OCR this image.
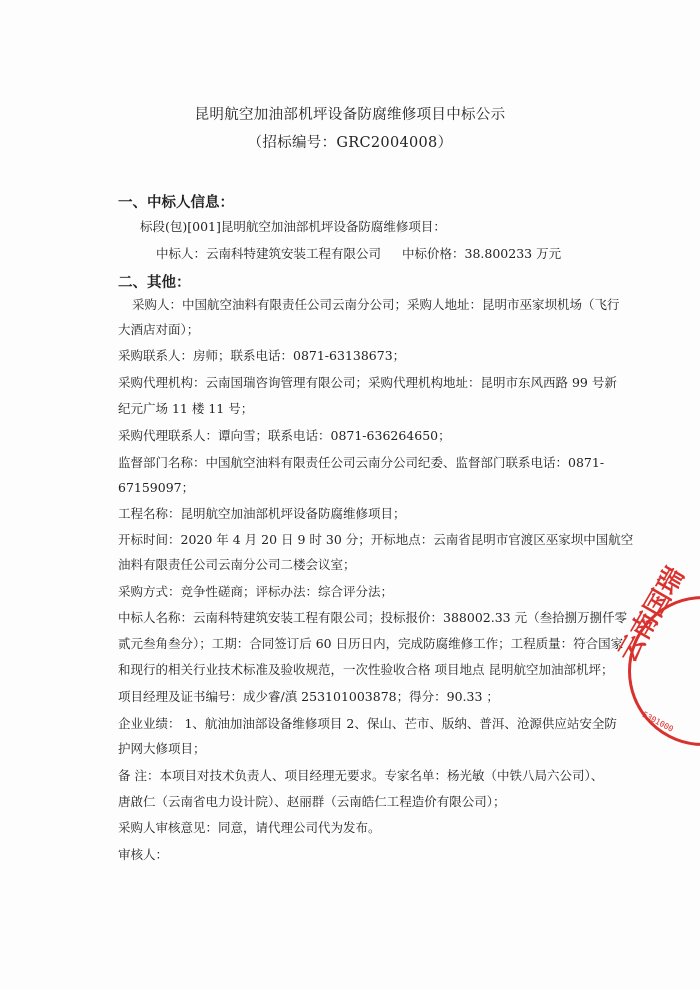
昆明航空加油部机坪设备防腐维修项目中标公示
（招标编号：GRC2004008）
一、中标人信息：
标段(包)[001]昆明航空加油部机坪设备防腐维修项目：
中标人：云南科特建筑安装工程有限公司 中标价格：38.800233 万元
二、其他：
采购人：中国航空油料有限责任公司云南分公司；采购人地址：昆明市巫家坝机场（飞行
大酒店对面）；
采购联系人：房师；联系电话：0871-63138673；
采购代理机构：云南国瑞咨询管理有限公司；采购代理机构地址：昆明市东风西路 99 号新
纪元广场 11 楼 11 号；
采购代理联系人：谭向雪；联系电话：0871-636264650；
监督部门名称：中国航空油料有限责任公司云南分公司纪委、监督部门联系电话：0871-
67159097；
工程名称：昆明航空加油部机坪设备防腐维修项目；
开标时间：2020 年 4 月 20 日 9 时 30 分；开标地点：云南省昆明市官渡区巫家坝中国航空
油料有限责任公司云南分公司二楼会议室；
采购方式：竞争性磋商；评标办法：综合评分法；
中标人名称：云南科特建筑安装工程有限公司；投标报价：388002.33 元（叁拾捌万捌仟零
贰元叁角叁分）；工期：合同签订后 60 日历日内，完成防腐维修工作；工程质量：符合国家
和现行的相关行业技术标准及验收规范，一次性验收合格 项目地点 昆明航空加油部机坪；
项目经理及证书编号：成少睿/滇 253101003878；得分：90.33 ；
企业业绩： 1、航油加油部设备维修项目 2、保山、芒市、版纳、普洱、沧源供应站安全防
护网大修项目；
备 注：本项目对技术负责人、项目经理无要求。专家名单：杨光敏（中铁八局六公司）、
唐啟仁（云南省电力设计院）、赵丽群（云南皓仁工程造价有限公司）；
采购人审核意见：同意，请代理公司代为发布。
审核人：
云南国瑞
5301000
